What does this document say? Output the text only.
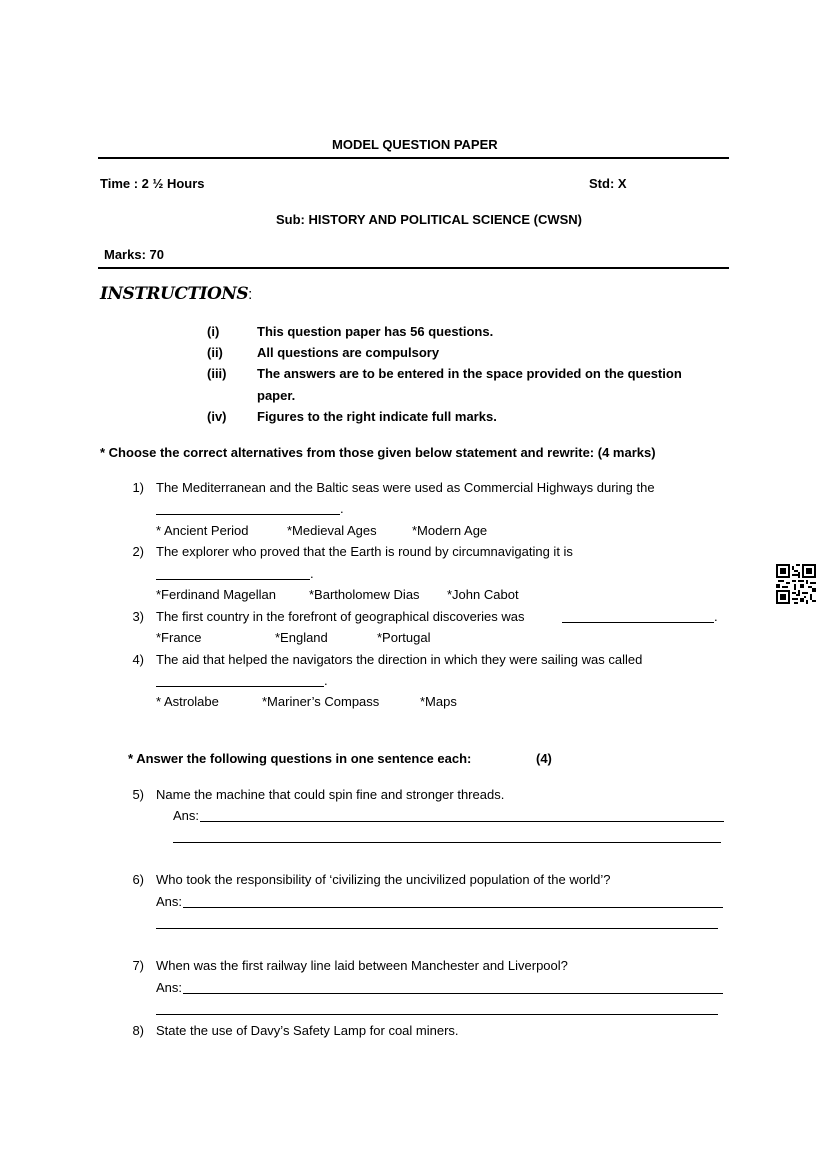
MODEL QUESTION PAPER
Time : 2 ½ Hours	Std: X
Sub: HISTORY AND POLITICAL SCIENCE (CWSN)
Marks: 70
INSTRUCTIONS:
(i)	This question paper has 56 questions.
(ii)	All questions are compulsory
(iii) The answers are to be entered in the space provided on the question
paper.
(iv) Figures to the right indicate full marks.
* Choose the correct alternatives from those given below statement and rewrite: (4 marks)
1) The Mediterranean and the Baltic seas were used as Commercial Highways during the
.
* Ancient Period	*Medieval Ages	*Modern Age
2) The explorer who proved that the Earth is round by circumnavigating it is
.
*Ferdinand Magellan	*Bartholomew Dias *John Cabot
3) The first country in the forefront of geographical discoveries was	.
*France	*England	*Portugal
4) The aid that helped the navigators the direction in which they were sailing was called
.
* Astrolabe	*Mariner’s Compass	*Maps
* Answer the following questions in one sentence each:	(4)
5) Name the machine that could spin fine and stronger threads.
Ans:
6) Who took the responsibility of ‘civilizing the uncivilized population of the world’?
Ans:
7) When was the first railway line laid between Manchester and Liverpool?
Ans:
8) State the use of Davy’s Safety Lamp for coal miners.
